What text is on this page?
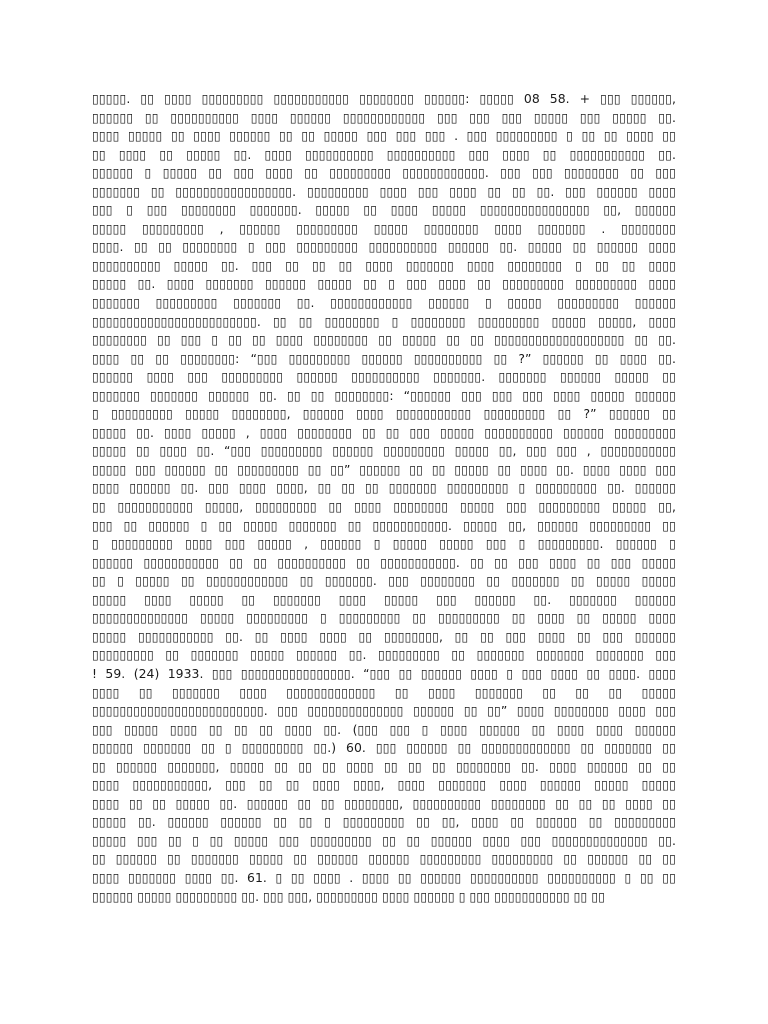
▯▯▯▯▯. ▯▯ ▯▯▯▯ ▯▯▯▯▯▯▯▯▯ ▯▯▯▯▯▯▯▯▯▯▯ ▯▯▯▯▯▯▯▯ ▯▯▯▯▯▯: ▯▯▯▯▯ 08 58. + ▯▯▯ ▯▯▯▯▯▯,
▯▯▯▯▯▯ ▯▯ ▯▯▯▯▯▯▯▯▯▯ ▯▯▯▯ ▯▯▯▯▯▯ ▯▯▯▯▯▯▯▯▯▯▯▯ ▯▯▯ ▯▯▯ ▯▯▯ ▯▯▯▯▯ ▯▯▯ ▯▯▯▯▯ ▯▯.
▯▯▯▯ ▯▯▯▯▯ ▯▯ ▯▯▯▯ ▯▯▯▯▯▯ ▯▯ ▯▯ ▯▯▯▯▯ ▯▯▯ ▯▯▯ ▯▯▯ . ▯▯▯ ▯▯▯▯▯▯▯▯▯ ▯ ▯▯ ▯▯ ▯▯▯▯ ▯▯
▯▯ ▯▯▯▯ ▯▯ ▯▯▯▯▯ ▯▯. ▯▯▯▯ ▯▯▯▯▯▯▯▯▯▯ ▯▯▯▯▯▯▯▯▯▯ ▯▯▯ ▯▯▯▯ ▯▯ ▯▯▯▯▯▯▯▯▯▯▯ ▯▯.
▯▯▯▯▯▯ ▯ ▯▯▯▯▯ ▯▯ ▯▯▯ ▯▯▯▯ ▯▯ ▯▯▯▯▯▯▯▯▯ ▯▯▯▯▯▯▯▯▯▯▯▯. ▯▯▯ ▯▯▯ ▯▯▯▯▯▯▯▯ ▯▯ ▯▯▯
▯▯▯▯▯▯▯ ▯▯ ▯▯▯▯▯▯▯▯▯▯▯▯▯▯▯▯▯. ▯▯▯▯▯▯▯▯▯ ▯▯▯▯ ▯▯▯ ▯▯▯▯ ▯▯ ▯▯ ▯▯. ▯▯▯ ▯▯▯▯▯▯ ▯▯▯▯
▯▯▯ ▯ ▯▯▯ ▯▯▯▯▯▯▯▯ ▯▯▯▯▯▯▯. ▯▯▯▯▯ ▯▯ ▯▯▯▯ ▯▯▯▯▯ ▯▯▯▯▯▯▯▯▯▯▯▯▯▯▯▯ ▯▯, ▯▯▯▯▯▯
▯▯▯▯▯ ▯▯▯▯▯▯▯▯▯ , ▯▯▯▯▯▯ ▯▯▯▯▯▯▯▯▯ ▯▯▯▯▯ ▯▯▯▯▯▯▯▯ ▯▯▯▯ ▯▯▯▯▯▯▯ . ▯▯▯▯▯▯▯▯
▯▯▯▯. ▯▯ ▯▯ ▯▯▯▯▯▯▯▯ ▯ ▯▯▯ ▯▯▯▯▯▯▯▯▯ ▯▯▯▯▯▯▯▯▯▯ ▯▯▯▯▯▯ ▯▯. ▯▯▯▯▯ ▯▯ ▯▯▯▯▯▯ ▯▯▯▯
▯▯▯▯▯▯▯▯▯▯ ▯▯▯▯▯ ▯▯. ▯▯▯ ▯▯ ▯▯ ▯▯ ▯▯▯▯ ▯▯▯▯▯▯▯ ▯▯▯▯ ▯▯▯▯▯▯▯▯ ▯ ▯▯ ▯▯ ▯▯▯▯
▯▯▯▯▯ ▯▯. ▯▯▯▯ ▯▯▯▯▯▯▯ ▯▯▯▯▯▯ ▯▯▯▯▯ ▯▯ ▯ ▯▯▯ ▯▯▯▯ ▯▯ ▯▯▯▯▯▯▯▯▯ ▯▯▯▯▯▯▯▯▯ ▯▯▯▯
▯▯▯▯▯▯▯ ▯▯▯▯▯▯▯▯▯ ▯▯▯▯▯▯▯ ▯▯. ▯▯▯▯▯▯▯▯▯▯▯▯ ▯▯▯▯▯▯ ▯ ▯▯▯▯▯ ▯▯▯▯▯▯▯▯▯ ▯▯▯▯▯▯
▯▯▯▯▯▯▯▯▯▯▯▯▯▯▯▯▯▯▯▯▯▯▯▯. ▯▯ ▯▯ ▯▯▯▯▯▯▯▯ ▯ ▯▯▯▯▯▯▯▯ ▯▯▯▯▯▯▯▯▯ ▯▯▯▯▯ ▯▯▯▯▯, ▯▯▯▯
▯▯▯▯▯▯▯▯ ▯▯ ▯▯▯ ▯ ▯▯ ▯▯ ▯▯▯▯ ▯▯▯▯▯▯▯▯ ▯▯ ▯▯▯▯▯ ▯▯ ▯▯ ▯▯▯▯▯▯▯▯▯▯▯▯▯▯▯▯▯▯▯ ▯▯ ▯▯.
▯▯▯▯ ▯▯ ▯▯ ▯▯▯▯▯▯▯▯: “▯▯▯ ▯▯▯▯▯▯▯▯▯ ▯▯▯▯▯▯ ▯▯▯▯▯▯▯▯▯▯ ▯▯ ?” ▯▯▯▯▯▯ ▯▯ ▯▯▯▯ ▯▯.
▯▯▯▯▯▯ ▯▯▯▯ ▯▯▯ ▯▯▯▯▯▯▯▯▯ ▯▯▯▯▯▯ ▯▯▯▯▯▯▯▯▯▯ ▯▯▯▯▯▯▯. ▯▯▯▯▯▯▯ ▯▯▯▯▯▯ ▯▯▯▯▯ ▯▯
▯▯▯▯▯▯▯ ▯▯▯▯▯▯▯ ▯▯▯▯▯▯ ▯▯. ▯▯ ▯▯ ▯▯▯▯▯▯▯▯: “▯▯▯▯▯▯ ▯▯▯ ▯▯▯ ▯▯▯ ▯▯▯▯ ▯▯▯▯▯ ▯▯▯▯▯▯
▯ ▯▯▯▯▯▯▯▯▯ ▯▯▯▯▯ ▯▯▯▯▯▯▯▯, ▯▯▯▯▯▯ ▯▯▯▯ ▯▯▯▯▯▯▯▯▯▯▯ ▯▯▯▯▯▯▯▯▯ ▯▯ ?” ▯▯▯▯▯▯ ▯▯
▯▯▯▯▯ ▯▯. ▯▯▯▯ ▯▯▯▯▯ , ▯▯▯▯ ▯▯▯▯▯▯▯▯ ▯▯ ▯▯ ▯▯▯ ▯▯▯▯▯ ▯▯▯▯▯▯▯▯▯▯ ▯▯▯▯▯▯ ▯▯▯▯▯▯▯▯▯
▯▯▯▯▯ ▯▯ ▯▯▯▯ ▯▯. “▯▯▯ ▯▯▯▯▯▯▯▯▯ ▯▯▯▯▯▯ ▯▯▯▯▯▯▯▯▯ ▯▯▯▯▯ ▯▯, ▯▯▯ ▯▯▯ , ▯▯▯▯▯▯▯▯▯▯▯
▯▯▯▯▯ ▯▯▯ ▯▯▯▯▯▯ ▯▯ ▯▯▯▯▯▯▯▯▯ ▯▯ ▯▯” ▯▯▯▯▯▯ ▯▯ ▯▯ ▯▯▯▯▯ ▯▯ ▯▯▯▯ ▯▯. ▯▯▯▯ ▯▯▯▯ ▯▯▯
▯▯▯▯ ▯▯▯▯▯▯ ▯▯. ▯▯▯ ▯▯▯▯ ▯▯▯▯, ▯▯ ▯▯ ▯▯ ▯▯▯▯▯▯▯ ▯▯▯▯▯▯▯▯▯ ▯ ▯▯▯▯▯▯▯▯▯ ▯▯. ▯▯▯▯▯▯
▯▯ ▯▯▯▯▯▯▯▯▯▯▯ ▯▯▯▯▯, ▯▯▯▯▯▯▯▯▯ ▯▯ ▯▯▯▯ ▯▯▯▯▯▯▯▯ ▯▯▯▯▯ ▯▯▯ ▯▯▯▯▯▯▯▯▯ ▯▯▯▯▯ ▯▯,
▯▯▯ ▯▯ ▯▯▯▯▯▯ ▯ ▯▯ ▯▯▯▯▯ ▯▯▯▯▯▯▯ ▯▯ ▯▯▯▯▯▯▯▯▯▯▯. ▯▯▯▯▯ ▯▯, ▯▯▯▯▯▯ ▯▯▯▯▯▯▯▯▯ ▯▯
▯ ▯▯▯▯▯▯▯▯▯ ▯▯▯▯ ▯▯▯ ▯▯▯▯▯ , ▯▯▯▯▯▯ ▯ ▯▯▯▯▯ ▯▯▯▯▯ ▯▯▯ ▯ ▯▯▯▯▯▯▯▯▯. ▯▯▯▯▯▯ ▯
▯▯▯▯▯▯ ▯▯▯▯▯▯▯▯▯▯▯ ▯▯ ▯▯ ▯▯▯▯▯▯▯▯▯▯ ▯▯ ▯▯▯▯▯▯▯▯▯▯▯. ▯▯ ▯▯ ▯▯▯ ▯▯▯▯ ▯▯ ▯▯▯ ▯▯▯▯▯
▯▯ ▯ ▯▯▯▯▯ ▯▯ ▯▯▯▯▯▯▯▯▯▯▯▯ ▯▯ ▯▯▯▯▯▯▯. ▯▯▯ ▯▯▯▯▯▯▯▯ ▯▯ ▯▯▯▯▯▯▯ ▯▯ ▯▯▯▯▯ ▯▯▯▯▯
▯▯▯▯▯ ▯▯▯▯ ▯▯▯▯▯ ▯▯ ▯▯▯▯▯▯▯ ▯▯▯▯ ▯▯▯▯▯ ▯▯▯ ▯▯▯▯▯▯ ▯▯. ▯▯▯▯▯▯▯ ▯▯▯▯▯▯
▯▯▯▯▯▯▯▯▯▯▯▯▯▯ ▯▯▯▯▯ ▯▯▯▯▯▯▯▯▯ ▯ ▯▯▯▯▯▯▯▯▯ ▯▯ ▯▯▯▯▯▯▯▯▯ ▯▯ ▯▯▯▯ ▯▯ ▯▯▯▯▯ ▯▯▯▯
▯▯▯▯▯ ▯▯▯▯▯▯▯▯▯▯▯ ▯▯. ▯▯ ▯▯▯▯ ▯▯▯▯ ▯▯ ▯▯▯▯▯▯▯▯, ▯▯ ▯▯ ▯▯▯ ▯▯▯▯ ▯▯ ▯▯▯ ▯▯▯▯▯▯
▯▯▯▯▯▯▯▯▯ ▯▯ ▯▯▯▯▯▯▯ ▯▯▯▯▯ ▯▯▯▯▯▯ ▯▯. ▯▯▯▯▯▯▯▯▯ ▯▯ ▯▯▯▯▯▯▯ ▯▯▯▯▯▯▯ ▯▯▯▯▯▯▯ ▯▯▯
! 59. (24) 1933. ▯▯▯ ▯▯▯▯▯▯▯▯▯▯▯▯▯▯▯▯. “▯▯▯ ▯▯ ▯▯▯▯▯▯ ▯▯▯▯ ▯ ▯▯▯ ▯▯▯▯ ▯▯ ▯▯▯▯. ▯▯▯▯
▯▯▯▯ ▯▯ ▯▯▯▯▯▯▯ ▯▯▯▯ ▯▯▯▯▯▯▯▯▯▯▯▯▯ ▯▯ ▯▯▯▯ ▯▯▯▯▯▯▯ ▯▯ ▯▯ ▯▯ ▯▯▯▯▯
▯▯▯▯▯▯▯▯▯▯▯▯▯▯▯▯▯▯▯▯▯▯▯▯▯. ▯▯▯ ▯▯▯▯▯▯▯▯▯▯▯▯▯▯ ▯▯▯▯▯▯ ▯▯ ▯▯” ▯▯▯▯ ▯▯▯▯▯▯▯▯ ▯▯▯▯ ▯▯▯
▯▯▯ ▯▯▯▯▯ ▯▯▯▯ ▯▯ ▯▯ ▯▯ ▯▯▯▯ ▯▯. (▯▯▯ ▯▯▯ ▯ ▯▯▯▯ ▯▯▯▯▯▯ ▯▯ ▯▯▯▯ ▯▯▯▯ ▯▯▯▯▯▯
▯▯▯▯▯▯ ▯▯▯▯▯▯▯ ▯▯ ▯ ▯▯▯▯▯▯▯▯▯ ▯▯.) 60. ▯▯▯ ▯▯▯▯▯▯ ▯▯ ▯▯▯▯▯▯▯▯▯▯▯▯▯ ▯▯ ▯▯▯▯▯▯▯ ▯▯
▯▯ ▯▯▯▯▯▯ ▯▯▯▯▯▯▯, ▯▯▯▯▯ ▯▯ ▯▯ ▯▯ ▯▯▯▯ ▯▯ ▯▯ ▯▯ ▯▯▯▯▯▯▯▯ ▯▯. ▯▯▯▯ ▯▯▯▯▯▯ ▯▯ ▯▯
▯▯▯▯ ▯▯▯▯▯▯▯▯▯▯▯, ▯▯▯ ▯▯ ▯▯ ▯▯▯▯ ▯▯▯▯, ▯▯▯▯ ▯▯▯▯▯▯▯ ▯▯▯▯ ▯▯▯▯▯▯ ▯▯▯▯▯ ▯▯▯▯▯
▯▯▯▯ ▯▯ ▯▯ ▯▯▯▯▯ ▯▯. ▯▯▯▯▯▯ ▯▯ ▯▯ ▯▯▯▯▯▯▯▯, ▯▯▯▯▯▯▯▯▯▯ ▯▯▯▯▯▯▯▯ ▯▯ ▯▯ ▯▯ ▯▯▯▯ ▯▯
▯▯▯▯▯ ▯▯. ▯▯▯▯▯▯ ▯▯▯▯▯▯ ▯▯ ▯▯ ▯ ▯▯▯▯▯▯▯▯▯ ▯▯ ▯▯, ▯▯▯▯ ▯▯ ▯▯▯▯▯▯ ▯▯ ▯▯▯▯▯▯▯▯▯
▯▯▯▯▯ ▯▯▯ ▯▯ ▯ ▯▯ ▯▯▯▯▯ ▯▯▯ ▯▯▯▯▯▯▯▯▯ ▯▯ ▯▯ ▯▯▯▯▯▯ ▯▯▯▯ ▯▯▯ ▯▯▯▯▯▯▯▯▯▯▯▯▯▯ ▯▯.
▯▯ ▯▯▯▯▯▯ ▯▯ ▯▯▯▯▯▯▯ ▯▯▯▯▯ ▯▯ ▯▯▯▯▯▯ ▯▯▯▯▯▯ ▯▯▯▯▯▯▯▯▯ ▯▯▯▯▯▯▯▯▯ ▯▯ ▯▯▯▯▯▯ ▯▯ ▯▯
▯▯▯▯ ▯▯▯▯▯▯▯ ▯▯▯▯ ▯▯. 61. ▯ ▯▯ ▯▯▯▯ . ▯▯▯▯ ▯▯ ▯▯▯▯▯▯ ▯▯▯▯▯▯▯▯▯▯ ▯▯▯▯▯▯▯▯▯▯ ▯ ▯▯ ▯▯
▯▯▯▯▯▯ ▯▯▯▯▯ ▯▯▯▯▯▯▯▯▯ ▯▯. ▯▯▯ ▯▯▯, ▯▯▯▯▯▯▯▯▯ ▯▯▯▯ ▯▯▯▯▯▯ ▯ ▯▯▯ ▯▯▯▯▯▯▯▯▯▯▯ ▯▯ ▯▯
